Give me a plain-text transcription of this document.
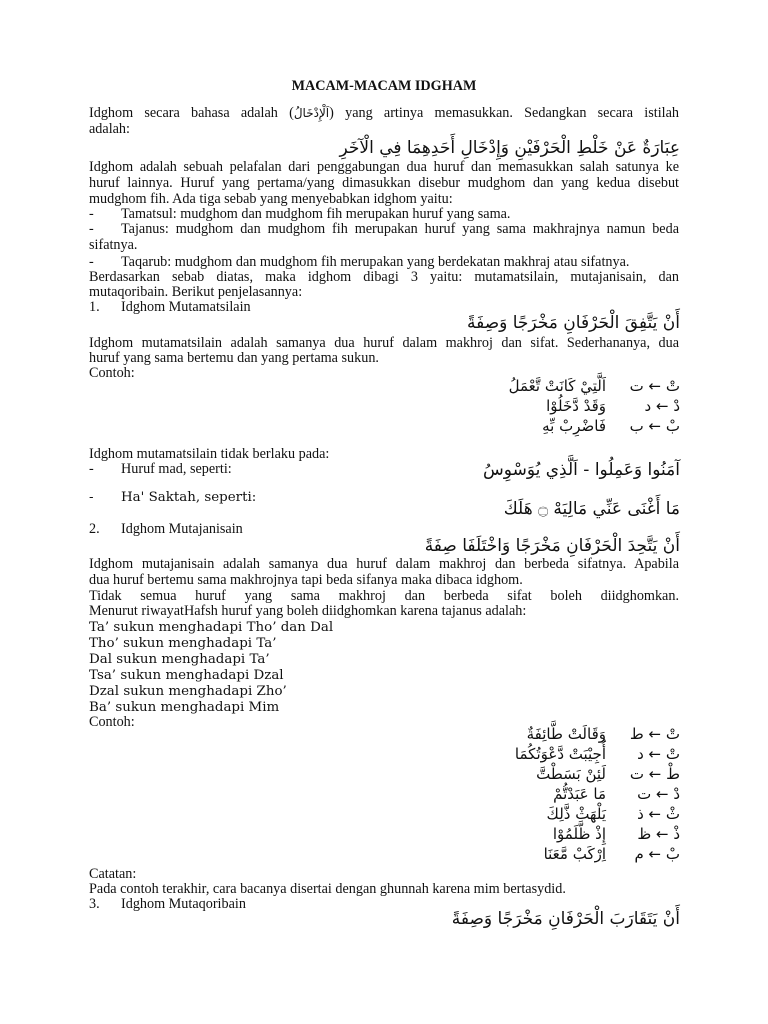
MACAM-MACAM IDGHAM
Idghom secara bahasa adalah (اَلْإِدْخَالُ) yang artinya memasukkan. Sedangkan secara istilah
adalah:
عِبَارَةٌ عَنْ خَلْطِ الْحَرْفَيْنِ وَإِدْخَالِ أَحَدِهِمَا فِي الْآخَرِ
Idghom adalah sebuah pelafalan dari penggabungan dua huruf dan memasukkan salah satunya ke
huruf lainnya. Huruf yang pertama/yang dimasukkan disebur mudghom dan yang kedua disebut
mudghom fih. Ada tiga sebab yang menyebabkan idghom yaitu:
- Tamatsul: mudghom dan mudghom fih merupakan huruf yang sama.
- Tajanus: mudghom dan mudghom fih merupakan huruf yang sama makhrajnya namun beda
sifatnya.
- Taqarub: mudghom dan mudghom fih merupakan yang berdekatan makhraj atau sifatnya.
Berdasarkan sebab diatas, maka idghom dibagi 3 yaitu: mutamatsilain, mutajanisain, dan
mutaqoribain. Berikut penjelasannya:
1. Idghom Mutamatsilain
أَنْ يَتَّفِقَ الْحَرْفَانِ مَخْرَجًا وَصِفَةً
Idghom mutamatsilain adalah samanya dua huruf dalam makhroj dan sifat. Sederhananya, dua
huruf yang sama bertemu dan yang pertama sukun.
Contoh:
تْ ← تاَلَّتِيْ كَانَتْ تَّعْمَلُ
دْ ← دوَقَدْ دَّخَلُوْا
بْ ← بفَاضْرِبْ بِّهِ
Idghom mutamatsilain tidak berlaku pada:
- Huruf mad, seperti:	آمَنُوا وَعَمِلُوا - اَلَّذِي يُوَسْوِسُ
- Ha' Saktah, seperti:
مَا أَغْنَى عَنِّي مَالِيَهْ ۝ هَلَكَ
2. Idghom Mutajanisain
أَنْ يَتَّحِدَ الْحَرْفَانِ مَخْرَجًا وَاخْتَلَفَا صِفَةً
Idghom mutajanisain adalah samanya dua huruf dalam makhroj dan berbeda sifatnya. Apabila
dua huruf bertemu sama makhrojnya tapi beda sifanya maka dibaca idghom.
Tidak semua huruf yang sama makhroj dan berbeda sifat boleh diidghomkan.
Menurut riwayatHafsh huruf yang boleh diidghomkan karena tajanus adalah:
Ta’ sukun menghadapi Tho’ dan Dal
Tho’ sukun menghadapi Ta’
Dal sukun menghadapi Ta’
Tsa’ sukun menghadapi Dzal
Dzal sukun menghadapi Zho’
Ba’ sukun menghadapi Mim
Contoh:
تْ ← طوَقَالَتْ طَّائِفَةٌ
تْ ← دأُجِيْبَتْ دَّعْوَتُكُمَا
طْ ← تلَئِنْ بَسَطْتَّ
دْ ← تمَا عَبَدْتُّمْ
ثْ ← ذيَلْهَثْ ذَّلِكَ
ذْ ← ظإِذْ ظَّلَمُوْا
بْ ← ماِرْكَبْ مَّعَنَا
Catatan:
Pada contoh terakhir, cara bacanya disertai dengan ghunnah karena mim bertasydid.
3. Idghom Mutaqoribain
أَنْ يَتَقَارَبَ الْحَرْفَانِ مَخْرَجًا وَصِفَةً
